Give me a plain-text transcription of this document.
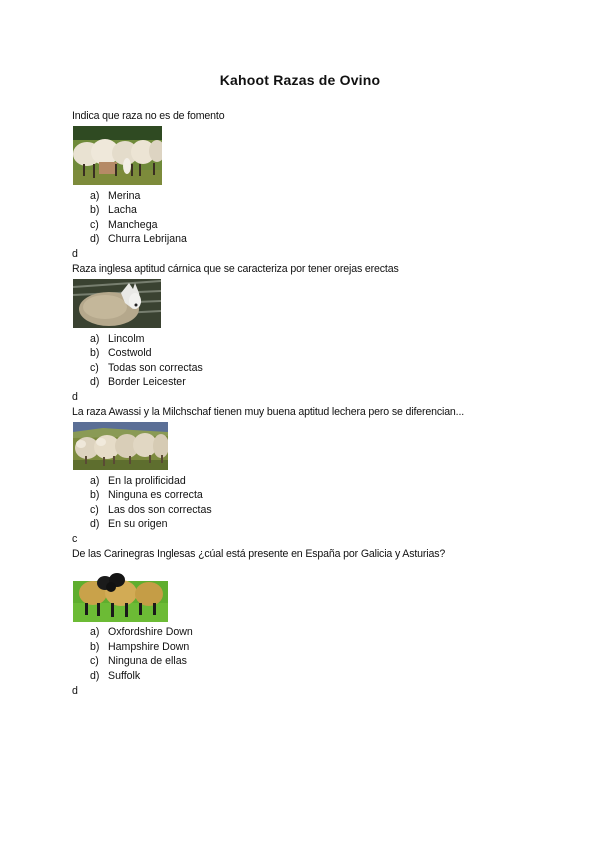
Kahoot Razas de Ovino
Indica que raza no es de fomento
a) Merina
b) Lacha
c) Manchega
d) Churra Lebrijana
d
Raza inglesa aptitud cárnica que se caracteriza por tener orejas erectas
a) Lincolm
b) Costwold
c) Todas son correctas
d) Border Leicester
d
La raza Awassi y la Milchschaf tienen muy buena aptitud lechera pero se diferencian...
a) En la prolificidad
b) Ninguna es correcta
c) Las dos son correctas
d) En su origen
c
De las Carinegras Inglesas ¿cúal está presente en España por Galicia y Asturias?
a) Oxfordshire Down
b) Hampshire Down
c) Ninguna de ellas
d) Suffolk
d
